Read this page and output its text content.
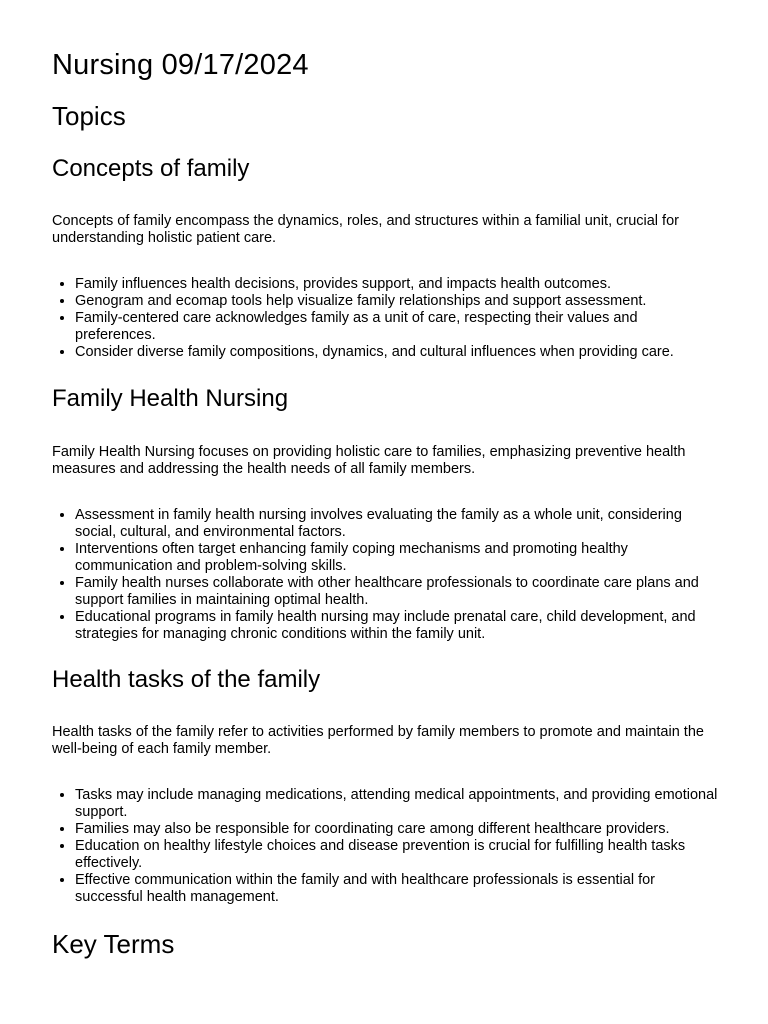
Nursing 09/17/2024
Topics
Concepts of family

Concepts of family encompass the dynamics, roles, and structures within a familial unit, crucial for understanding holistic patient care.

• Family influences health decisions, provides support, and impacts health outcomes.
• Genogram and ecomap tools help visualize family relationships and support assessment.
• Family-centered care acknowledges family as a unit of care, respecting their values and preferences.
• Consider diverse family compositions, dynamics, and cultural influences when providing care.
Family Health Nursing

Family Health Nursing focuses on providing holistic care to families, emphasizing preventive health measures and addressing the health needs of all family members.

• Assessment in family health nursing involves evaluating the family as a whole unit, considering social, cultural, and environmental factors.
• Interventions often target enhancing family coping mechanisms and promoting healthy communication and problem-solving skills.
• Family health nurses collaborate with other healthcare professionals to coordinate care plans and support families in maintaining optimal health.
• Educational programs in family health nursing may include prenatal care, child development, and strategies for managing chronic conditions within the family unit.
Health tasks of the family

Health tasks of the family refer to activities performed by family members to promote and maintain the well-being of each family member.

• Tasks may include managing medications, attending medical appointments, and providing emotional support.
• Families may also be responsible for coordinating care among different healthcare providers.
• Education on healthy lifestyle choices and disease prevention is crucial for fulfilling health tasks effectively.
• Effective communication within the family and with healthcare professionals is essential for successful health management.
Key Terms
